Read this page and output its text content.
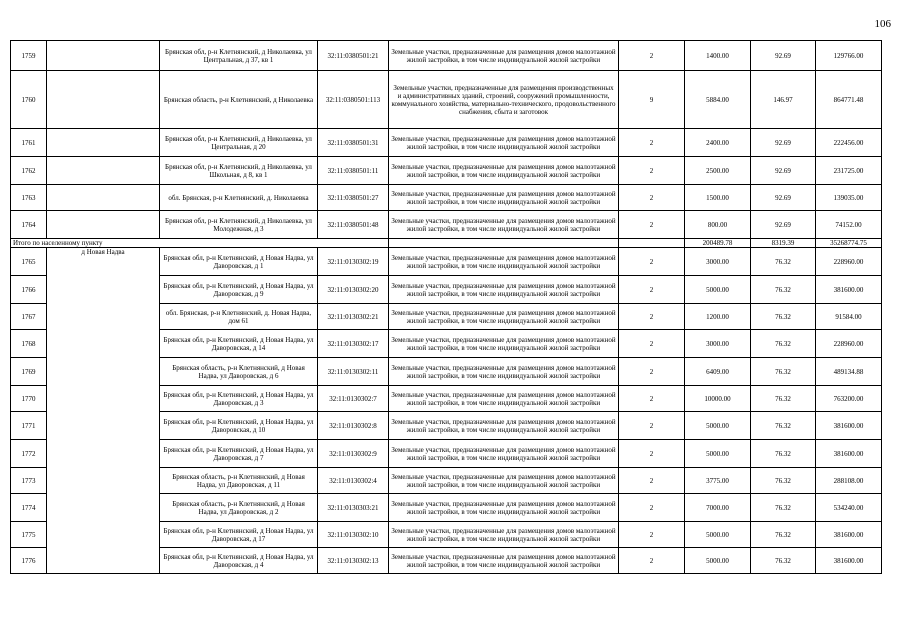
106
1759		Брянская обл, р-н Клетнянский, д Николаевка, ул Центральная, д 37, кв 1	32:11:0380501:21	Земельные участки, предназначенные для размещения домов малоэтажной жилой застройки, в том числе индивидуальной жилой застройки	2	1400.00	92.69	129766.00
1760		Брянская область, р-н Клетнянский, д Николаевка	32:11:0380501:113	Земельные участки, предназначенные для размещения производственных и административных зданий, строений, сооружений промышленности, коммунального хозяйства, материально-технического, продовольственного снабжения, сбыта и заготовок	9	5884.00	146.97	864771.48
1761		Брянская обл, р-н Клетнянский, д Николаевка, ул Центральная, д 20	32:11:0380501:31	Земельные участки, предназначенные для размещения домов малоэтажной жилой застройки, в том числе индивидуальной жилой застройки	2	2400.00	92.69	222456.00
1762		Брянская обл, р-н Клетнянский, д Николаевка, ул Школьная, д 8, кв 1	32:11:0380501:11	Земельные участки, предназначенные для размещения домов малоэтажной жилой застройки, в том числе индивидуальной жилой застройки	2	2500.00	92.69	231725.00
1763		обл. Брянская, р-н Клетнянский, д. Николаевка	32:11:0380501:27	Земельные участки, предназначенные для размещения домов малоэтажной жилой застройки, в том числе индивидуальной жилой застройки	2	1500.00	92.69	139035.00
1764		Брянская обл, р-н Клетнянский, д Николаевка, ул Молодежная, д 3	32:11:0380501:48	Земельные участки, предназначенные для размещения домов малоэтажной жилой застройки, в том числе индивидуальной жилой застройки	2	800.00	92.69	74152.00
Итого по населенному пункту						200489.78	8319.39	35268774.75
1765	д Новая Надва	Брянская обл, р-н Клетнянский, д Новая Надва, ул Даворовская, д 1	32:11:0130302:19	Земельные участки, предназначенные для размещения домов малоэтажной жилой застройки, в том числе индивидуальной жилой застройки	2	3000.00	76.32	228960.00
1766		Брянская обл, р-н Клетнянский, д Новая Надва, ул Даворовская, д 9	32:11:0130302:20	Земельные участки, предназначенные для размещения домов малоэтажной жилой застройки, в том числе индивидуальной жилой застройки	2	5000.00	76.32	381600.00
1767		обл. Брянская, р-н Клетнянский, д. Новая Надва, дом 61	32:11:0130302:21	Земельные участки, предназначенные для размещения домов малоэтажной жилой застройки, в том числе индивидуальной жилой застройки	2	1200.00	76.32	91584.00
1768		Брянская обл, р-н Клетнянский, д Новая Надва, ул Даворовская, д 14	32:11:0130302:17	Земельные участки, предназначенные для размещения домов малоэтажной жилой застройки, в том числе индивидуальной жилой застройки	2	3000.00	76.32	228960.00
1769		Брянская область, р-н Клетнянский, д Новая Надва, ул Даворовская, д 6	32:11:0130302:11	Земельные участки, предназначенные для размещения домов малоэтажной жилой застройки, в том числе индивидуальной жилой застройки	2	6409.00	76.32	489134.88
1770		Брянская обл, р-н Клетнянский, д Новая Надва, ул Даворовская, д 3	32:11:0130302:7	Земельные участки, предназначенные для размещения домов малоэтажной жилой застройки, в том числе индивидуальной жилой застройки	2	10000.00	76.32	763200.00
1771		Брянская обл, р-н Клетнянский, д Новая Надва, ул Даворовская, д 10	32:11:0130302:8	Земельные участки, предназначенные для размещения домов малоэтажной жилой застройки, в том числе индивидуальной жилой застройки	2	5000.00	76.32	381600.00
1772		Брянская обл, р-н Клетнянский, д Новая Надва, ул Даворовская, д 7	32:11:0130302:9	Земельные участки, предназначенные для размещения домов малоэтажной жилой застройки, в том числе индивидуальной жилой застройки	2	5000.00	76.32	381600.00
1773		Брянская область, р-н Клетнянский, д Новая Надва, ул Даворовская, д 11	32:11:0130302:4	Земельные участки, предназначенные для размещения домов малоэтажной жилой застройки, в том числе индивидуальной жилой застройки	2	3775.00	76.32	288108.00
1774		Брянская область, р-н Клетнянский, д Новая Надва, ул Даворовская, д 2	32:11:0130303:21	Земельные участки, предназначенные для размещения домов малоэтажной жилой застройки, в том числе индивидуальной жилой застройки	2	7000.00	76.32	534240.00
1775		Брянская обл, р-н Клетнянский, д Новая Надва, ул Даворовская, д 17	32:11:0130302:10	Земельные участки, предназначенные для размещения домов малоэтажной жилой застройки, в том числе индивидуальной жилой застройки	2	5000.00	76.32	381600.00
1776		Брянская обл, р-н Клетнянский, д Новая Надва, ул Даворовская, д 4	32:11:0130302:13	Земельные участки, предназначенные для размещения домов малоэтажной жилой застройки, в том числе индивидуальной жилой застройки	2	5000.00	76.32	381600.00
